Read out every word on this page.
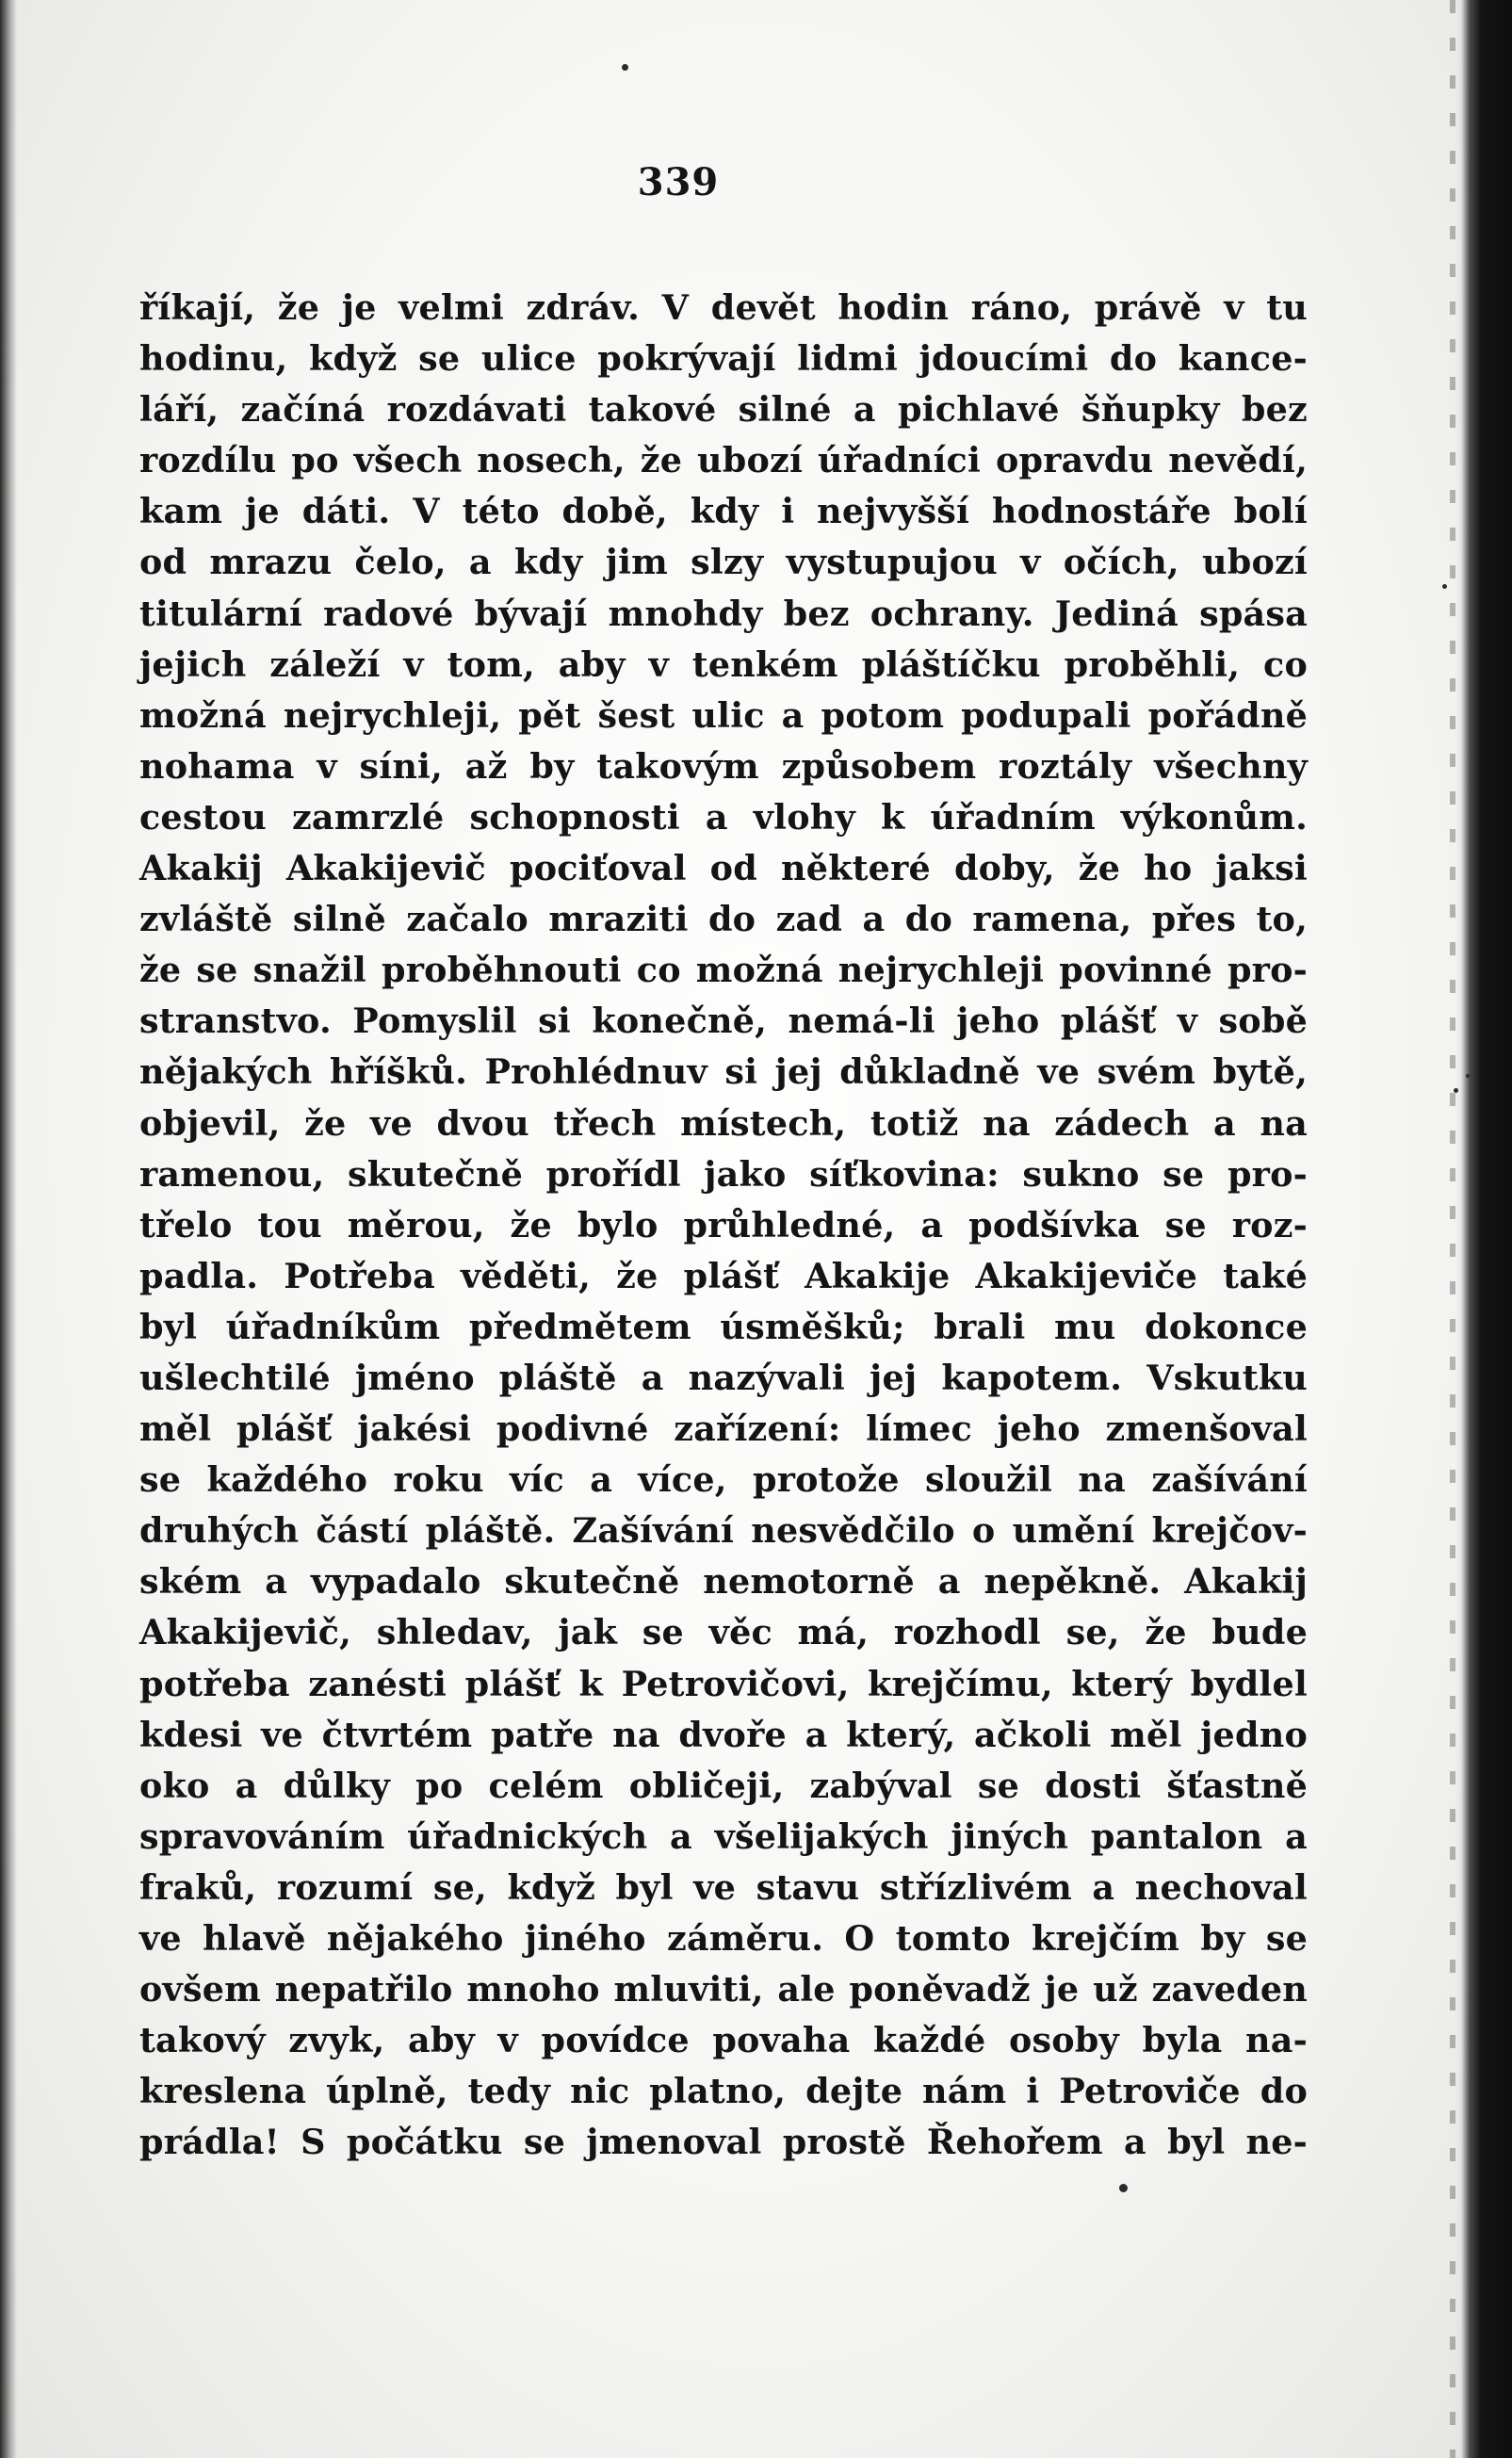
339
říkají, že je velmi zdráv. V devět hodin ráno, právě v tu
hodinu, když se ulice pokrývají lidmi jdoucími do kance-
láří, začíná rozdávati takové silné a pichlavé šňupky bez
rozdílu po všech nosech, že ubozí úřadníci opravdu nevědí,
kam je dáti. V této době, kdy i nejvyšší hodnostáře bolí
od mrazu čelo, a kdy jim slzy vystupujou v očích, ubozí
titulární radové bývají mnohdy bez ochrany. Jediná spása
jejich záleží v tom, aby v tenkém pláštíčku proběhli, co
možná nejrychleji, pět šest ulic a potom podupali pořádně
nohama v síni, až by takovým způsobem roztály všechny
cestou zamrzlé schopnosti a vlohy k úřadním výkonům.
Akakij Akakijevič pociťoval od některé doby, že ho jaksi
zvláště silně začalo mraziti do zad a do ramena, přes to,
že se snažil proběhnouti co možná nejrychleji povinné pro-
stranstvo. Pomyslil si konečně, nemá-li jeho plášť v sobě
nějakých hříšků. Prohlédnuv si jej důkladně ve svém bytě,
objevil, že ve dvou třech místech, totiž na zádech a na
ramenou, skutečně prořídl jako síťkovina: sukno se pro-
třelo tou měrou, že bylo průhledné, a podšívka se roz-
padla. Potřeba věděti, že plášť Akakije Akakijeviče také
byl úřadníkům předmětem úsměšků; brali mu dokonce
ušlechtilé jméno pláště a nazývali jej kapotem. Vskutku
měl plášť jakési podivné zařízení: límec jeho zmenšoval
se každého roku víc a více, protože sloužil na zašívání
druhých částí pláště. Zašívání nesvědčilo o umění krejčov-
ském a vypadalo skutečně nemotorně a nepěkně. Akakij
Akakijevič, shledav, jak se věc má, rozhodl se, že bude
potřeba zanésti plášť k Petrovičovi, krejčímu, který bydlel
kdesi ve čtvrtém patře na dvoře a který, ačkoli měl jedno
oko a důlky po celém obličeji, zabýval se dosti šťastně
spravováním úřadnických a všelijakých jiných pantalon a
fraků, rozumí se, když byl ve stavu střízlivém a nechoval
ve hlavě nějakého jiného záměru. O tomto krejčím by se
ovšem nepatřilo mnoho mluviti, ale poněvadž je už zaveden
takový zvyk, aby v povídce povaha každé osoby byla na-
kreslena úplně, tedy nic platno, dejte nám i Petroviče do
prádla! S počátku se jmenoval prostě Řehořem a byl ne-
